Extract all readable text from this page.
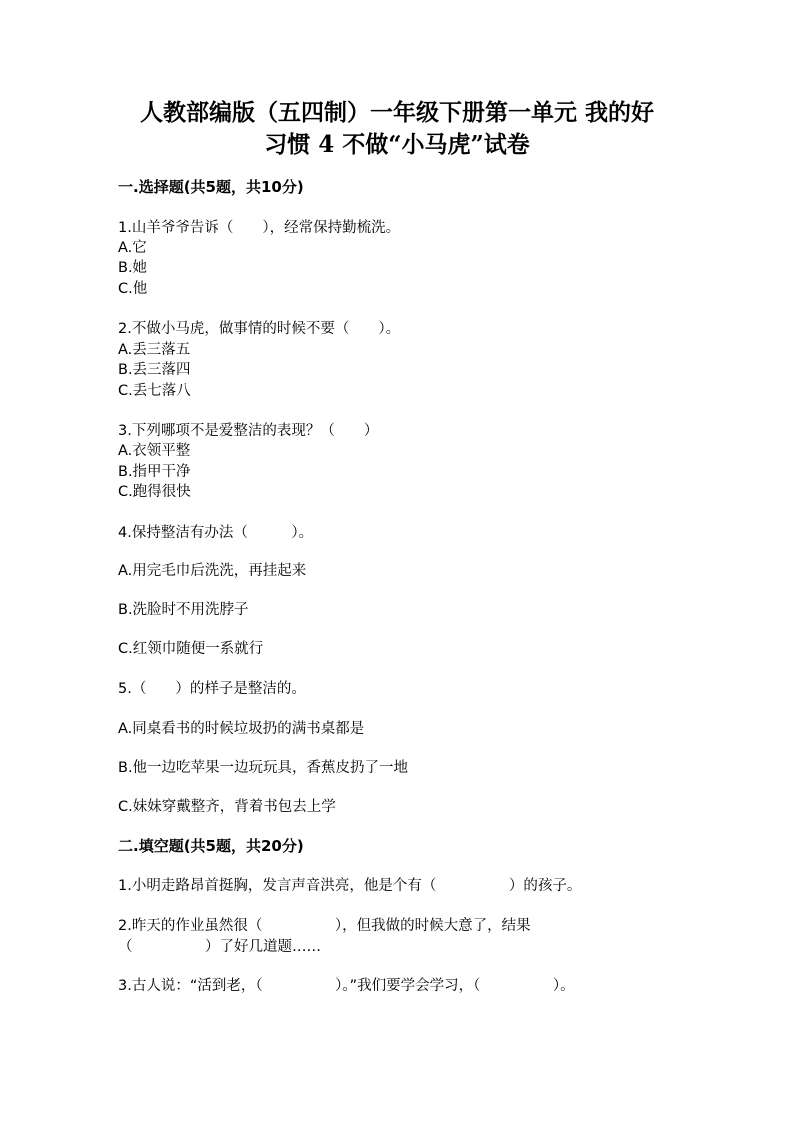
人教部编版（五四制）一年级下册第一单元 我的好
习惯 4 不做“小马虎”试卷
一.选择题(共5题，共10分)
1.山羊爷爷告诉（　　），经常保持勤梳洗。
A.它
B.她
C.他
2.不做小马虎，做事情的时候不要（　　）。
A.丢三落五
B.丢三落四
C.丢七落八
3.下列哪项不是爱整洁的表现？（　　）
A.衣领平整
B.指甲干净
C.跑得很快
4.保持整洁有办法（　　　）。
A.用完毛巾后洗洗，再挂起来
B.洗脸时不用洗脖子
C.红领巾随便一系就行
5.（　　）的样子是整洁的。
A.同桌看书的时候垃圾扔的满书桌都是
B.他一边吃苹果一边玩玩具，香蕉皮扔了一地
C.妹妹穿戴整齐，背着书包去上学
二.填空题(共5题，共20分)
1.小明走路昂首挺胸，发言声音洪亮，他是个有（　　　　　）的孩子。
2.昨天的作业虽然很（　　　　　），但我做的时候大意了，结果
（　　　　　）了好几道题……
3.古人说：“活到老，（　　　　　）。”我们要学会学习，（　　　　　）。
